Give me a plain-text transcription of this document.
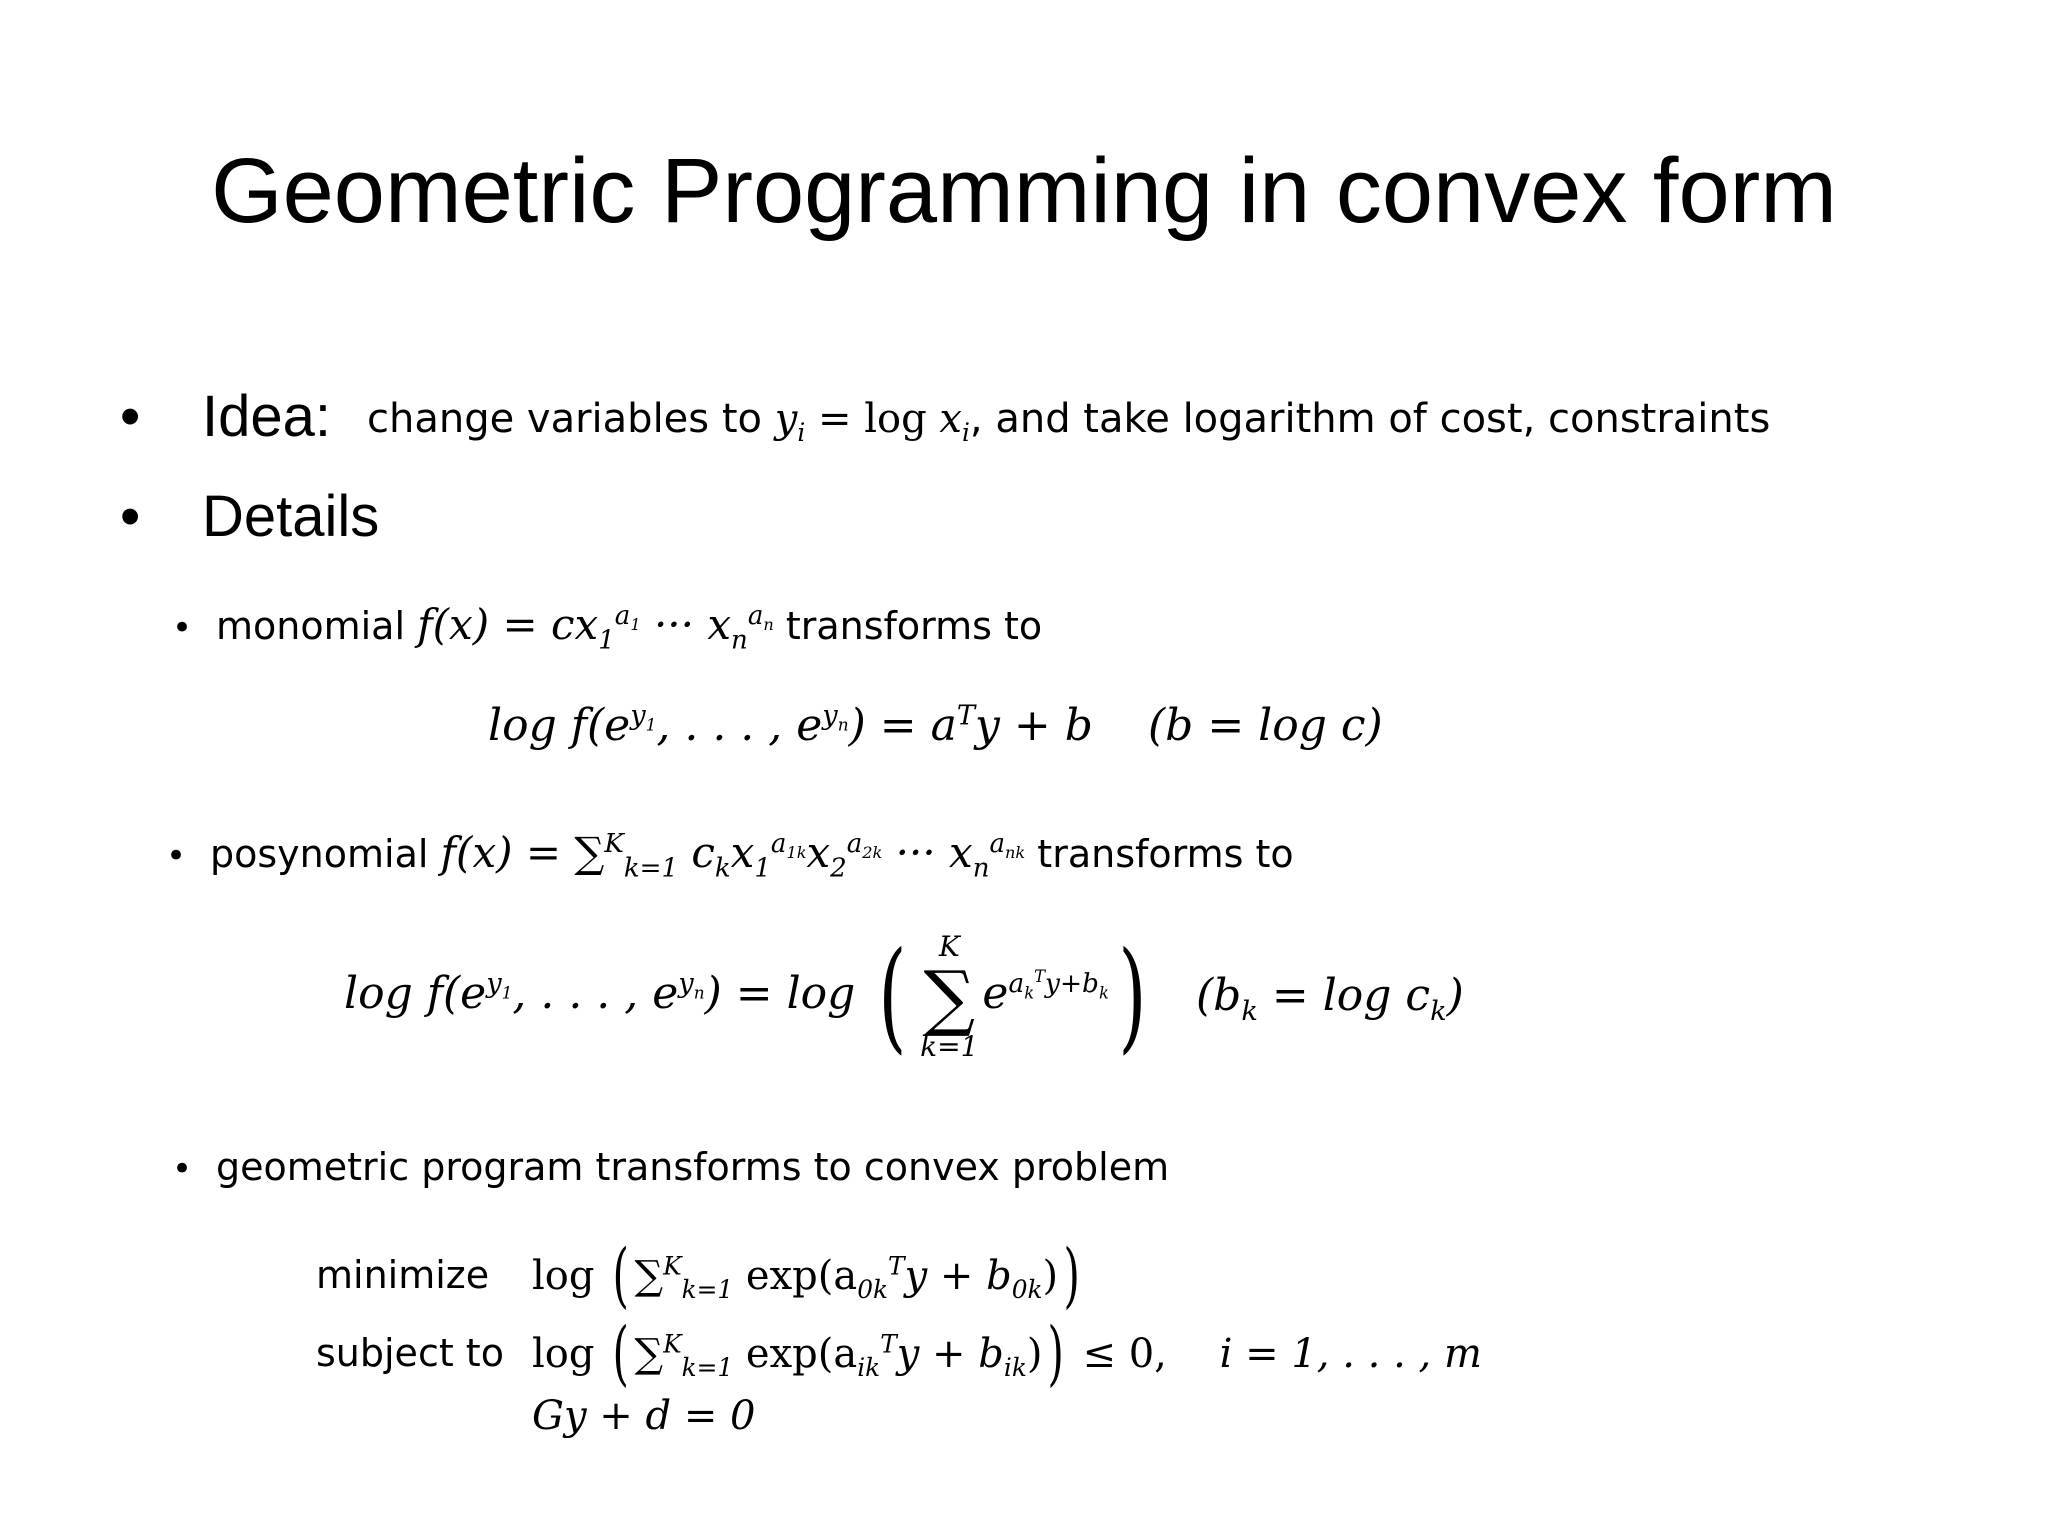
Geometric Programming in convex form
• Idea: change variables to $y_i = \log x_i$, and take logarithm of cost, constraints
• Details
• monomial $f(x) = cx_1^{a_1}$ ··· $x_n^{a_n}$ transforms to
$\log f(e^{y_1}$, . . . , $e^{y_n}) = a^Ty + b$ (b = log c)
• posynomial f(x) = ∑$^K_{k=1}$ $c_kx_1^{a_{1k}}x_2^{a_{2k}}$ ··· $x_n^{a_{nk}}$ transforms to
$\log f(e^{y_1}$, . . . , $e^{y_n}) = \log$ (	K
∑
k=1
$e^{a_k^Ty+b_k}$) $(b_k = \log c_k)$
• geometric program transforms to convex problem
minimize
subject to
log ( ∑$^K_{k=1}$ $\exp(a_{0k}^Ty + b_{0k})$)
log ( ∑$^K_{k=1}$ $\exp(a_{ik}^Ty + b_{ik})) \le 0$, i = 1, . . . , m
Gy + d = 0
